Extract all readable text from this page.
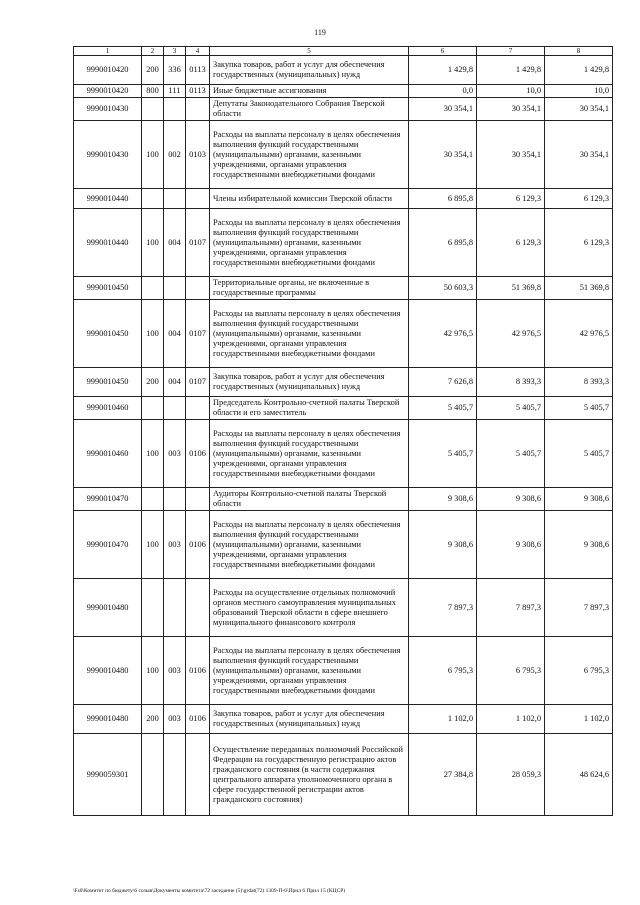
119
1	2	3	4	5	6	7	8
9990010420	200	336	0113	Закупка товаров, работ и услуг для обеспечения государственных (муниципальных) нужд	1 429,8	1 429,8	1 429,8
9990010420	800	111	0113	Иные бюджетные ассигнования	0,0	10,0	10,0
9990010430				Депутаты Законодательного Собрания Тверской области	30 354,1	30 354,1	30 354,1
9990010430	100	002	0103	Расходы на выплаты персоналу в целях обеспечения выполнения функций государственными (муниципальными) органами, казенными учреждениями, органами управления государственными внебюджетными фондами	30 354,1	30 354,1	30 354,1
9990010440				Члены избирательной комиссии Тверской области	6 895,8	6 129,3	6 129,3
9990010440	100	004	0107	Расходы на выплаты персоналу в целях обеспечения выполнения функций государственными (муниципальными) органами, казенными учреждениями, органами управления государственными внебюджетными фондами	6 895,8	6 129,3	6 129,3
9990010450				Территориальные органы, не включенные в государственные программы	50 603,3	51 369,8	51 369,8
9990010450	100	004	0107	Расходы на выплаты персоналу в целях обеспечения выполнения функций государственными (муниципальными) органами, казенными учреждениями, органами управления государственными внебюджетными фондами	42 976,5	42 976,5	42 976,5
9990010450	200	004	0107	Закупка товаров, работ и услуг для обеспечения государственных (муниципальных) нужд	7 626,8	8 393,3	8 393,3
9990010460				Председатель Контрольно-счетной палаты Тверской области и его заместитель	5 405,7	5 405,7	5 405,7
9990010460	100	003	0106	Расходы на выплаты персоналу в целях обеспечения выполнения функций государственными (муниципальными) органами, казенными учреждениями, органами управления государственными внебюджетными фондами	5 405,7	5 405,7	5 405,7
9990010470				Аудиторы Контрольно-счетной палаты Тверской области	9 308,6	9 308,6	9 308,6
9990010470	100	003	0106	Расходы на выплаты персоналу в целях обеспечения выполнения функций государственными (муниципальными) органами, казенными учреждениями, органами управления государственными внебюджетными фондами	9 308,6	9 308,6	9 308,6
9990010480				Расходы на осуществление отдельных полномочий органов местного самоуправления муниципальных образований Тверской области в сфере внешнего муниципального финансового контроля	7 897,3	7 897,3	7 897,3
9990010480	100	003	0106	Расходы на выплаты персоналу в целях обеспечения выполнения функций государственными (муниципальными) органами, казенными учреждениями, органами управления государственными внебюджетными фондами	6 795,3	6 795,3	6 795,3
9990010480	200	003	0106	Закупка товаров, работ и услуг для обеспечения государственных (муниципальных) нужд	1 102,0	1 102,0	1 102,0
9990059301				Осуществление переданных полномочий Российской Федерации на государственную регистрацию актов гражданского состояния (в части содержания центрального аппарата уполномоченного органа в сфере государственной регистрации актов гражданского состояния)	27 384,8	28 059,3	48 624,6
\Fs0\Комитет по бюджету\6 созыв\Документы комитета\72 заседание (5)\grdat(72) 1309-П-6\Прил 6 Прил 15 (КЦСР)
